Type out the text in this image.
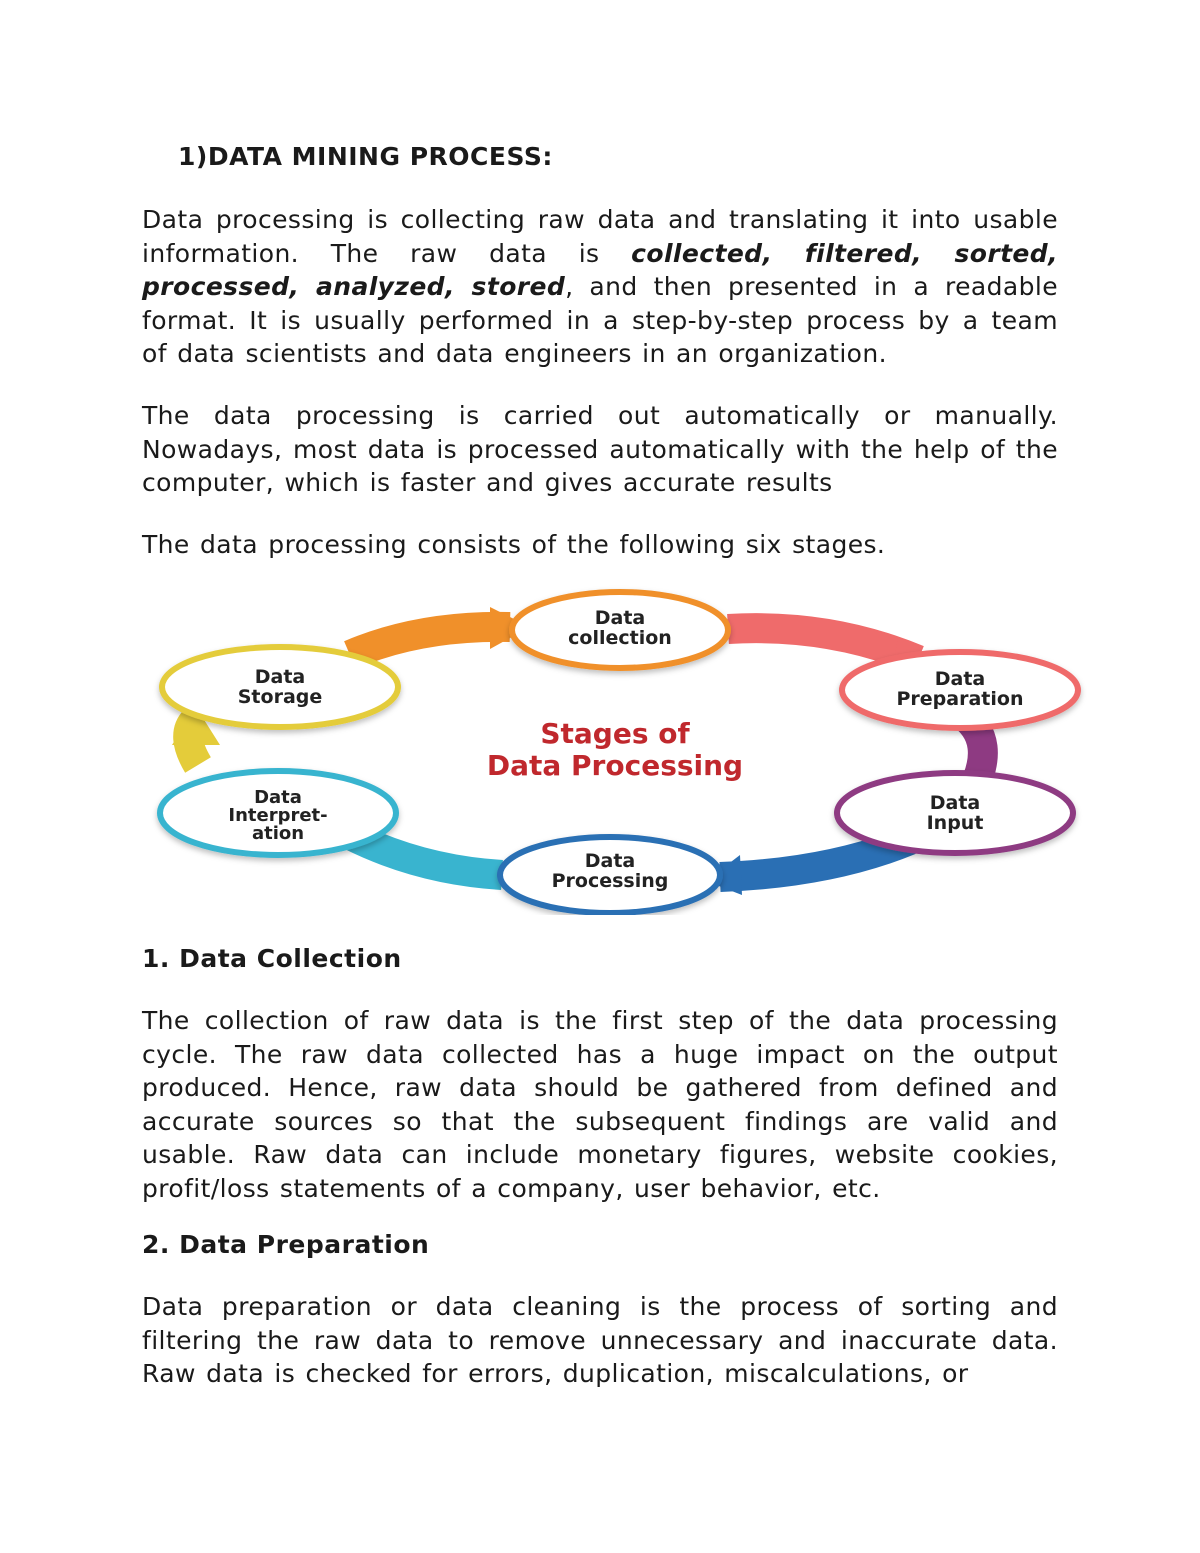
1)DATA MINING PROCESS:

Data processing is collecting raw data and translating it into usable information. The raw data is collected, filtered, sorted, processed, analyzed, stored, and then presented in a readable format. It is usually performed in a step-by-step process by a team of data scientists and data engineers in an organization.

The data processing is carried out automatically or manually. Nowadays, most data is processed automatically with the help of the computer, which is faster and gives accurate results

The data processing consists of the following six stages.

Data
collection
Data
Preparation
Data
Input
Data
Processing
Data
Interpret-
ation
Data
Storage
Stages of
Data Processing
1. Data Collection

The collection of raw data is the first step of the data processing cycle. The raw data collected has a huge impact on the output produced. Hence, raw data should be gathered from defined and accurate sources so that the subsequent findings are valid and usable. Raw data can include monetary figures, website cookies, profit/loss statements of a company, user behavior, etc.

2. Data Preparation

Data preparation or data cleaning is the process of sorting and filtering the raw data to remove unnecessary and inaccurate data. Raw data is checked for errors, duplication, miscalculations, or
